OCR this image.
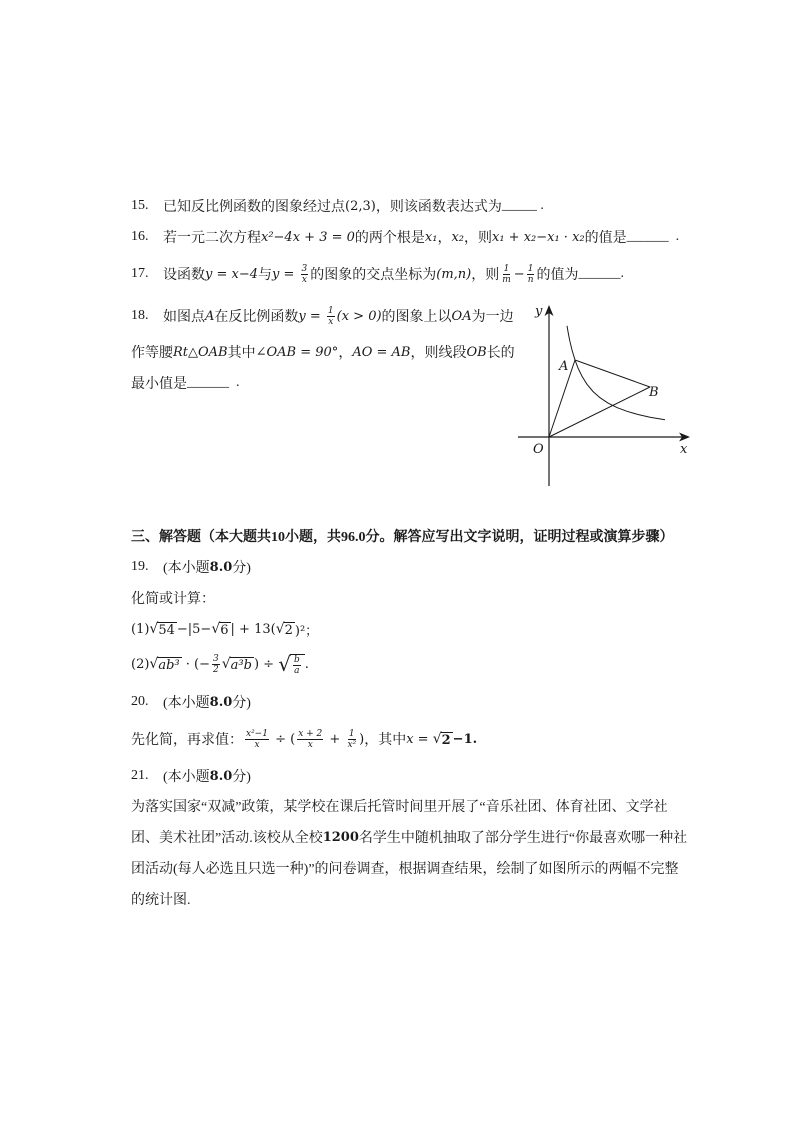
15.	已知反比例函数的图象经过点 (2,3) ，则该函数表达式为 _____ .
16.	若一元二次方程 x²−4x + 3 = 0 的两个根是 x₁ ， x₂ ，则 x₁ + x₂−x₁ · x₂ 的值是 ______ .
17.	设函数 y = x−4 与 $y = \frac{3}{x}$ 的图象的交点坐标为 (m,n) ，则 $\frac{1}{m} - \frac{1}{n}$ 的值为 ______ .
18.	如图点 A 在反比例函数 $y = \frac{1}{x} (x > 0)$ 的图象上以 OA 为一边
作等腰 Rt△OAB 其中 ∠OAB = 90° ， AO = AB ，则线段 OB 长的
最小值是 ______ .
A
B
O	x
y
三、解答题（本大题共10小题，共96.0分。解答应写出文字说明，证明过程或演算步骤）
19.	(本小题 8.0 分)
化简或计算：
(1) √ 54 −|5− √ 6 | + 13( √ 2 )²；
(2) √ ab³ · (− $\frac{3}{2}$ √ a³b ) ÷ √ $\frac{b}{a}$ .
20.	(本小题 8.0 分)
先化简，再求值： $\frac{\text{x²−1}}{x}$ ÷ ( $\frac{x + 2}{x} + \frac{1}{\text{x²}}$ ) ，其中 x = √ 2 −1.
21.	(本小题 8.0 分)
为落实国家“双减”政策，某学校在课后托管时间里开展了“音乐社团、体育社团、文学社
团、美术社团”活动.该校从全校 1200 名学生中随机抽取了部分学生进行“你最喜欢哪一种社
团活动(每人必选且只选一种)”的问卷调查，根据调查结果，绘制了如图所示的两幅不完整
的统计图.
